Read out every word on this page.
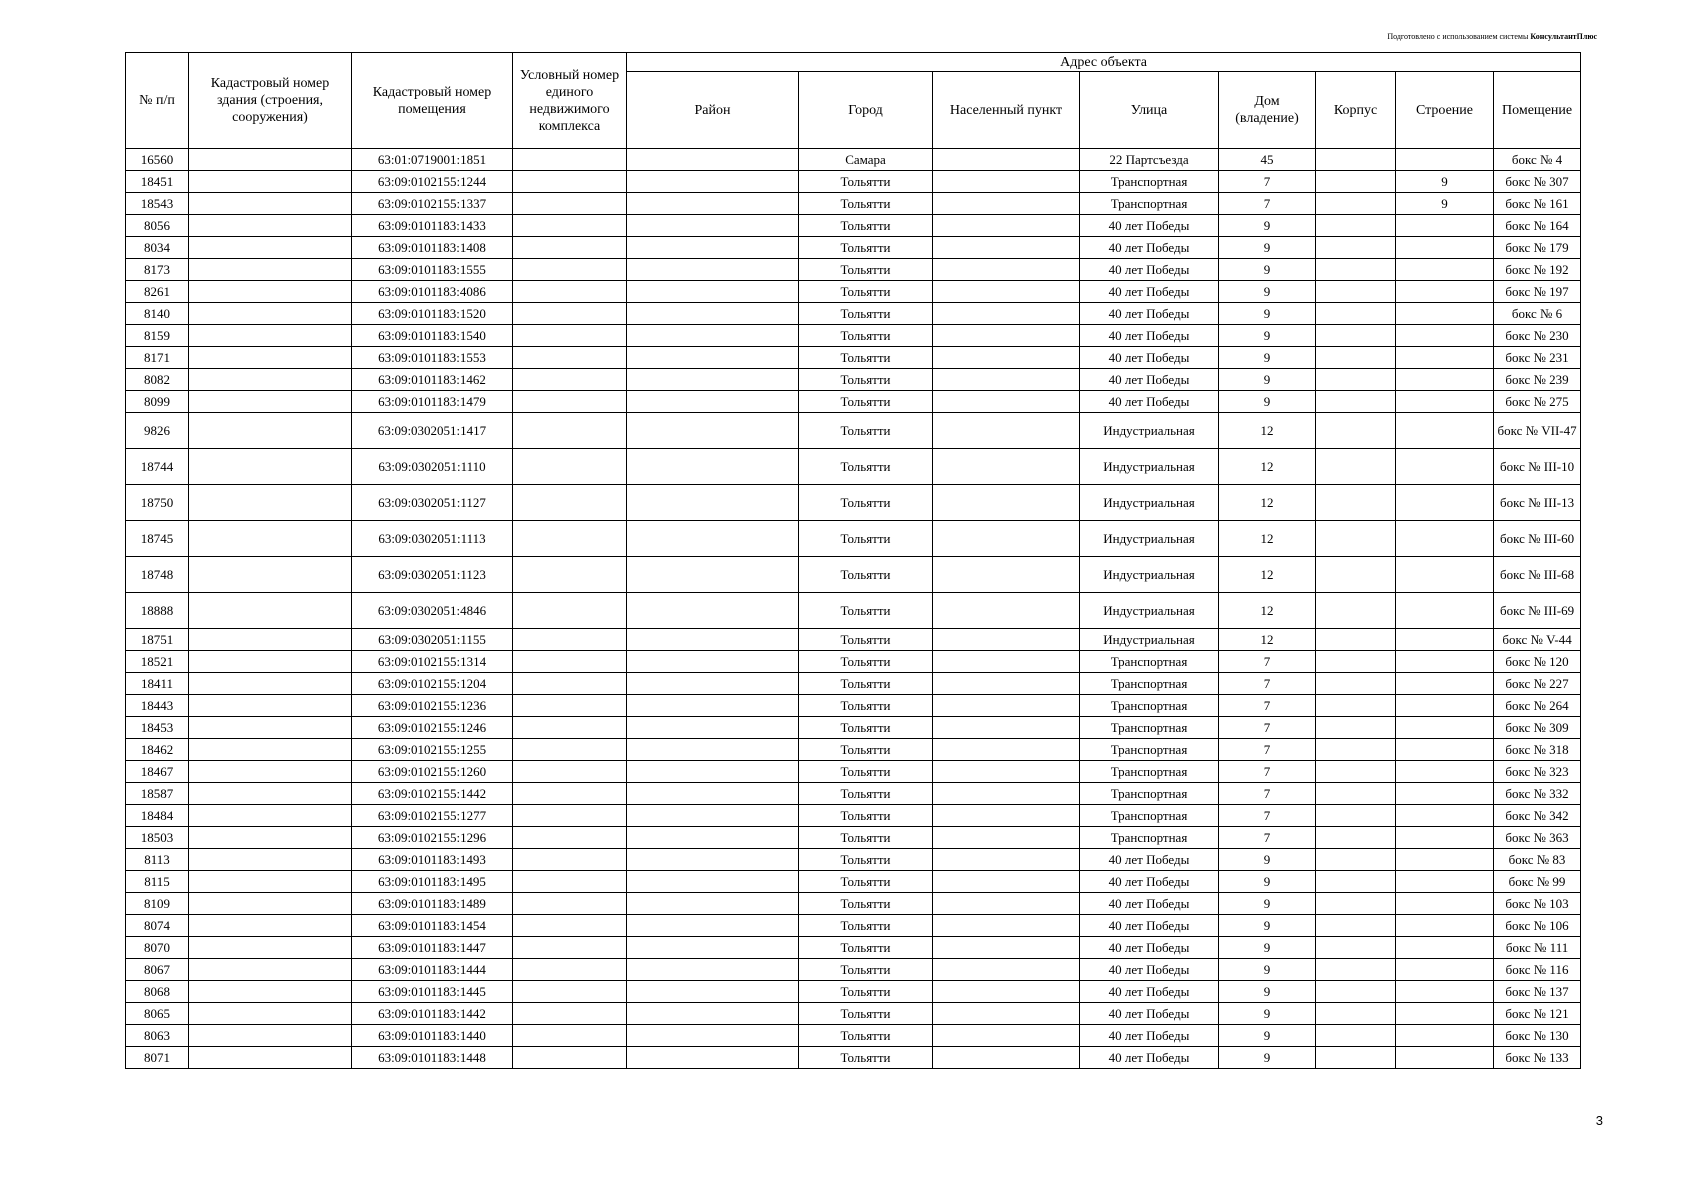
Подготовлено с использованием системы КонсультантПлюс
№ п/п	Кадастровый номер здания (строения, сооружения)	Кадастровый номер помещения	Условный номер единого недвижимого комплекса	Адрес объекта							
				Район	Город	Населенный пункт	Улица	Дом (владение)	Корпус	Строение	Помещение
16560		63:01:0719001:1851			Самара		22 Партсъезда	45			бокс № 4
18451		63:09:0102155:1244			Тольятти		Транспортная	7		9	бокс № 307
18543		63:09:0102155:1337			Тольятти		Транспортная	7		9	бокс № 161
8056		63:09:0101183:1433			Тольятти		40 лет Победы	9			бокс № 164
8034		63:09:0101183:1408			Тольятти		40 лет Победы	9			бокс № 179
8173		63:09:0101183:1555			Тольятти		40 лет Победы	9			бокс № 192
8261		63:09:0101183:4086			Тольятти		40 лет Победы	9			бокс № 197
8140		63:09:0101183:1520			Тольятти		40 лет Победы	9			бокс № 6
8159		63:09:0101183:1540			Тольятти		40 лет Победы	9			бокс № 230
8171		63:09:0101183:1553			Тольятти		40 лет Победы	9			бокс № 231
8082		63:09:0101183:1462			Тольятти		40 лет Победы	9			бокс № 239
8099		63:09:0101183:1479			Тольятти		40 лет Победы	9			бокс № 275
9826		63:09:0302051:1417			Тольятти		Индустриальная	12			бокс № VII-47
18744		63:09:0302051:1110			Тольятти		Индустриальная	12			бокс № III-10
18750		63:09:0302051:1127			Тольятти		Индустриальная	12			бокс № III-13
18745		63:09:0302051:1113			Тольятти		Индустриальная	12			бокс № III-60
18748		63:09:0302051:1123			Тольятти		Индустриальная	12			бокс № III-68
18888		63:09:0302051:4846			Тольятти		Индустриальная	12			бокс № III-69
18751		63:09:0302051:1155			Тольятти		Индустриальная	12			бокс № V-44
18521		63:09:0102155:1314			Тольятти		Транспортная	7			бокс № 120
18411		63:09:0102155:1204			Тольятти		Транспортная	7			бокс № 227
18443		63:09:0102155:1236			Тольятти		Транспортная	7			бокс № 264
18453		63:09:0102155:1246			Тольятти		Транспортная	7			бокс № 309
18462		63:09:0102155:1255			Тольятти		Транспортная	7			бокс № 318
18467		63:09:0102155:1260			Тольятти		Транспортная	7			бокс № 323
18587		63:09:0102155:1442			Тольятти		Транспортная	7			бокс № 332
18484		63:09:0102155:1277			Тольятти		Транспортная	7			бокс № 342
18503		63:09:0102155:1296			Тольятти		Транспортная	7			бокс № 363
8113		63:09:0101183:1493			Тольятти		40 лет Победы	9			бокс № 83
8115		63:09:0101183:1495			Тольятти		40 лет Победы	9			бокс № 99
8109		63:09:0101183:1489			Тольятти		40 лет Победы	9			бокс № 103
8074		63:09:0101183:1454			Тольятти		40 лет Победы	9			бокс № 106
8070		63:09:0101183:1447			Тольятти		40 лет Победы	9			бокс № 111
8067		63:09:0101183:1444			Тольятти		40 лет Победы	9			бокс № 116
8068		63:09:0101183:1445			Тольятти		40 лет Победы	9			бокс № 137
8065		63:09:0101183:1442			Тольятти		40 лет Победы	9			бокс № 121
8063		63:09:0101183:1440			Тольятти		40 лет Победы	9			бокс № 130
8071		63:09:0101183:1448			Тольятти		40 лет Победы	9			бокс № 133
3
